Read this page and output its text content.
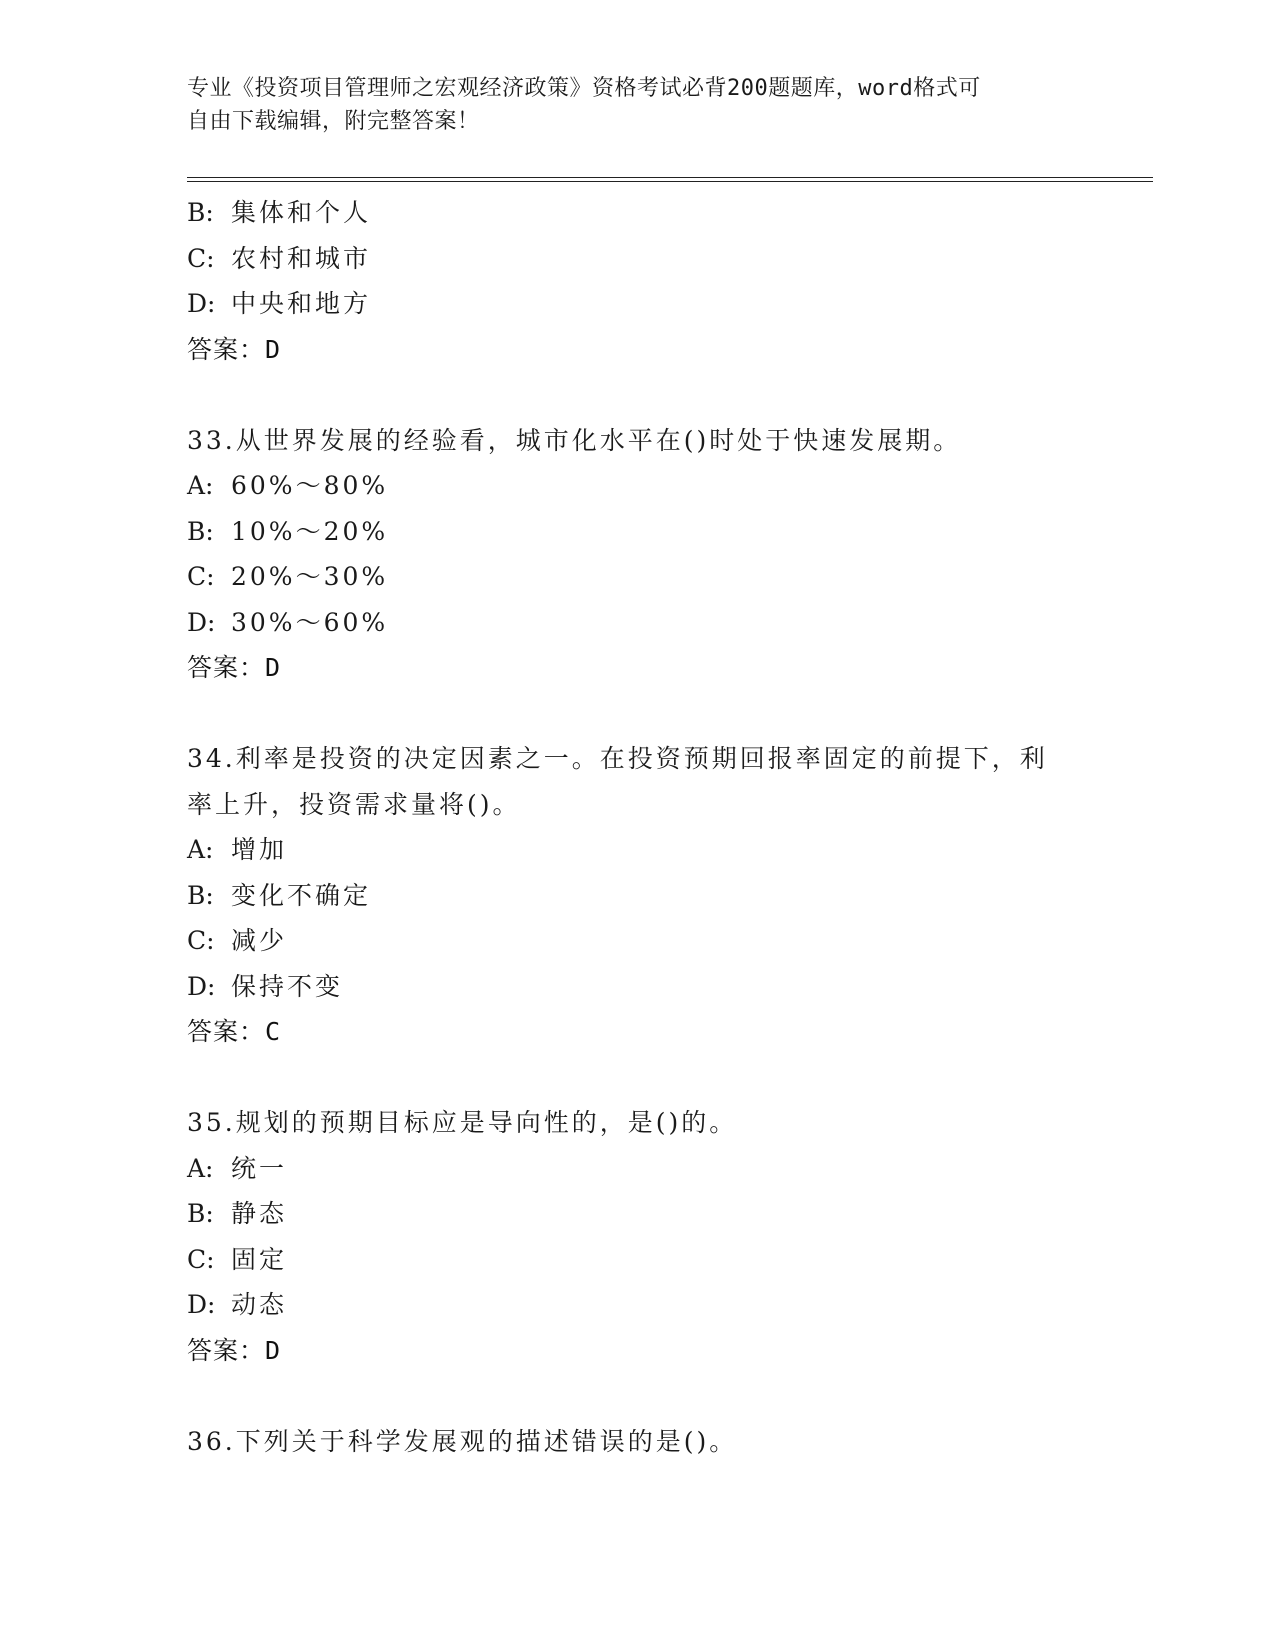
专业《投资项目管理师之宏观经济政策》资格考试必背200题题库，word格式可
自由下载编辑，附完整答案！
B: 集体和个人
C: 农村和城市
D: 中央和地方
答案：D
33.从世界发展的经验看，城市化水平在()时处于快速发展期。
A: 60%～80%
B: 10%～20%
C: 20%～30%
D: 30%～60%
答案：D
34.利率是投资的决定因素之一。在投资预期回报率固定的前提下，利
率上升，投资需求量将()。
A: 增加
B: 变化不确定
C: 减少
D: 保持不变
答案：C
35.规划的预期目标应是导向性的，是()的。
A: 统一
B: 静态
C: 固定
D: 动态
答案：D
36.下列关于科学发展观的描述错误的是()。
